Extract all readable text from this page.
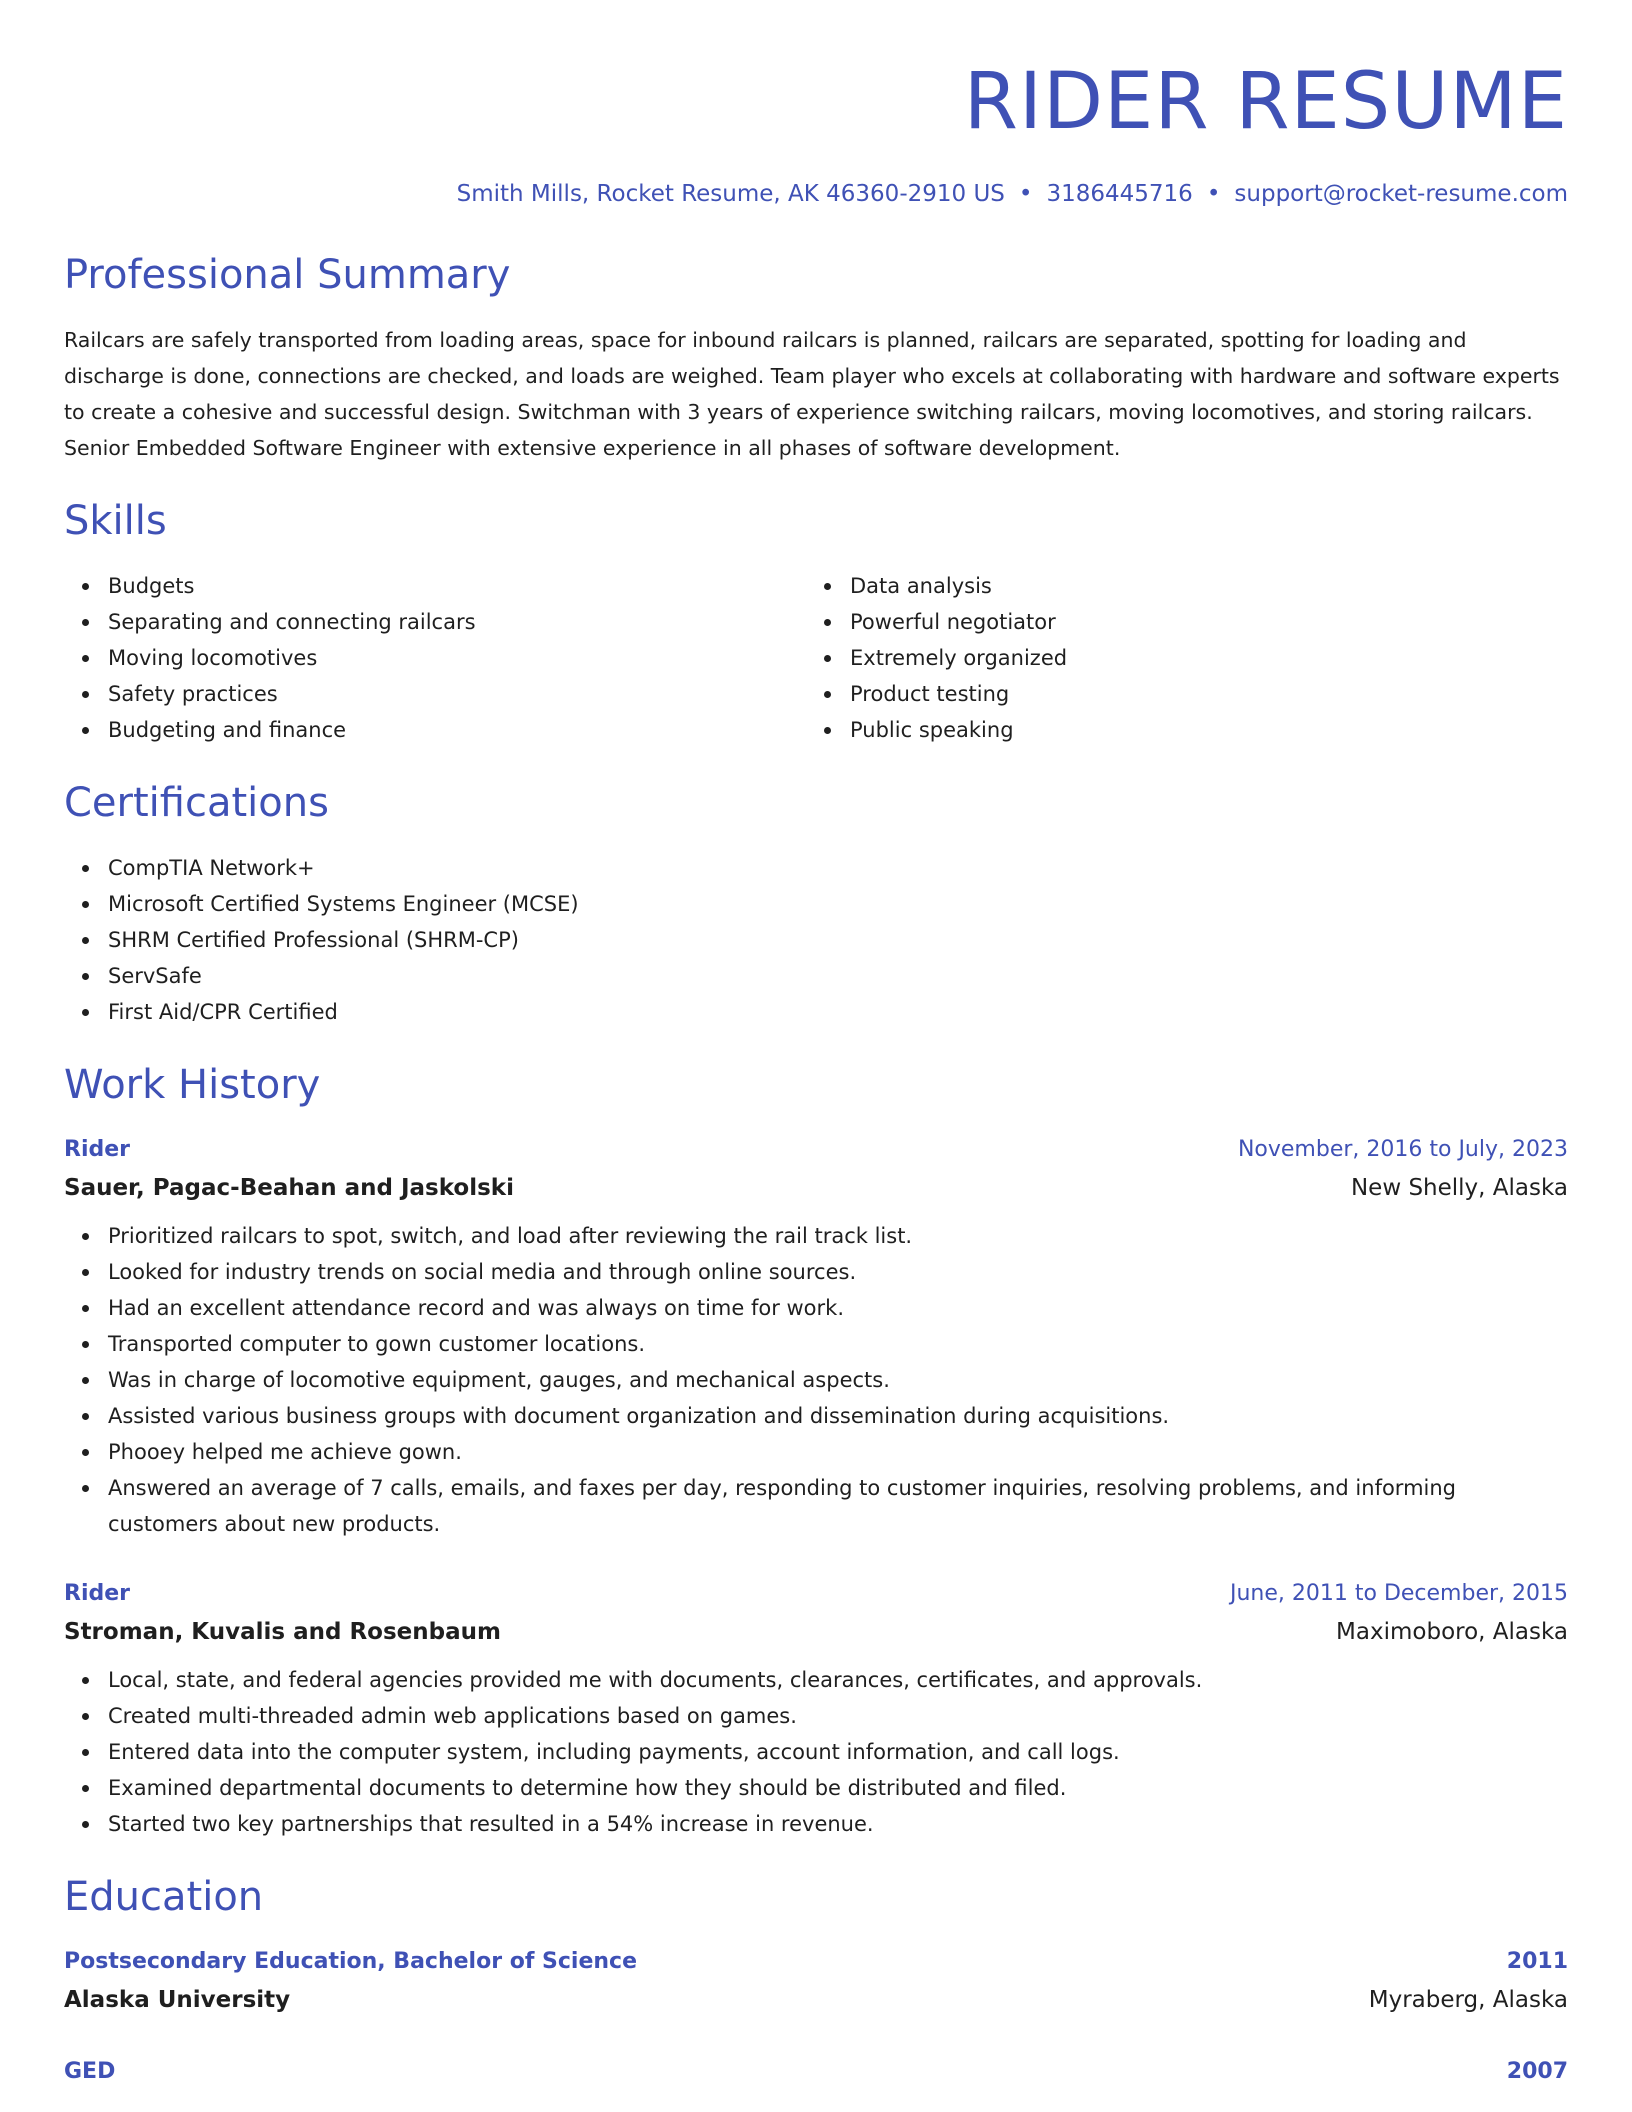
RIDER RESUME
Smith Mills, Rocket Resume, AK 46360-2910 US • 3186445716 • support@rocket-resume.com
Professional Summary

Railcars are safely transported from loading areas, space for inbound railcars is planned, railcars are separated, spotting for loading and discharge is done, connections are checked, and loads are weighed. Team player who excels at collaborating with hardware and software experts to create a cohesive and successful design. Switchman with 3 years of experience switching railcars, moving locomotives, and storing railcars. Senior Embedded Software Engineer with extensive experience in all phases of software development.

Skills
Budgets
Separating and connecting railcars
Moving locomotives
Safety practices
Budgeting and finance
Data analysis
Powerful negotiator
Extremely organized
Product testing
Public speaking
Certifications
CompTIA Network+
Microsoft Certified Systems Engineer (MCSE)
SHRM Certified Professional (SHRM-CP)
ServSafe
First Aid/CPR Certified
Work History
Rider	November, 2016 to July, 2023
Sauer, Pagac-Beahan and Jaskolski	New Shelly, Alaska
Prioritized railcars to spot, switch, and load after reviewing the rail track list.
Looked for industry trends on social media and through online sources.
Had an excellent attendance record and was always on time for work.
Transported computer to gown customer locations.
Was in charge of locomotive equipment, gauges, and mechanical aspects.
Assisted various business groups with document organization and dissemination during acquisitions.
Phooey helped me achieve gown.
Answered an average of 7 calls, emails, and faxes per day, responding to customer inquiries, resolving problems, and informing customers about new products.
Rider	June, 2011 to December, 2015
Stroman, Kuvalis and Rosenbaum	Maximoboro, Alaska
Local, state, and federal agencies provided me with documents, clearances, certificates, and approvals.
Created multi-threaded admin web applications based on games.
Entered data into the computer system, including payments, account information, and call logs.
Examined departmental documents to determine how they should be distributed and filed.
Started two key partnerships that resulted in a 54% increase in revenue.
Education
Postsecondary Education, Bachelor of Science	2011
Alaska University	Myraberg, Alaska
GED	2007
